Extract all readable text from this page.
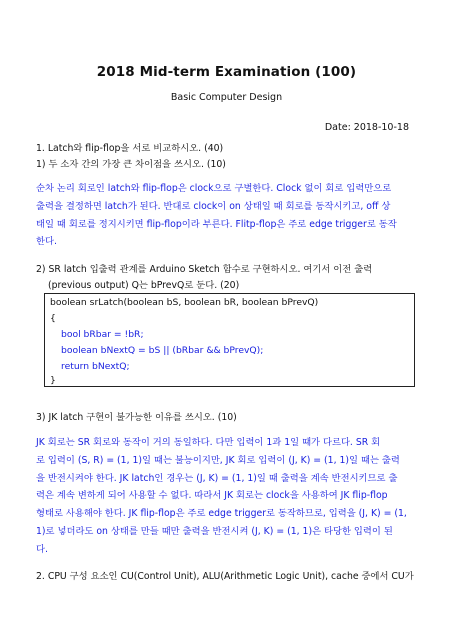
2018 Mid-term Examination (100)
Basic Computer Design
Date: 2018-10-18
1. Latch와 flip-flop을 서로 비교하시오. (40)
1) 두 소자 간의 가장 큰 차이점을 쓰시오. (10)
순차 논리 회로인 latch와 flip-flop은 clock으로 구별한다. Clock 없이 회로 입력만으로
출력을 결정하면 latch가 된다. 반대로 clock이 on 상태일 때 회로를 동작시키고, off 상
태일 때 회로를 정지시키면 flip-flop이라 부른다. Flitp-flop은 주로 edge trigger로 동작
한다.
2) SR latch 입출력 관계를 Arduino Sketch 함수로 구현하시오. 여기서 이전 출력
(previous output) Q는 bPrevQ로 둔다. (20)
boolean srLatch(boolean bS, boolean bR, boolean bPrevQ)
{
bool bRbar = !bR;
boolean bNextQ = bS || (bRbar && bPrevQ);
return bNextQ;
}
3) JK latch 구현이 불가능한 이유를 쓰시오. (10)
JK 회로는 SR 회로와 동작이 거의 동일하다. 다만 입력이 1과 1일 때가 다르다. SR 회
로 입력이 (S, R) = (1, 1)일 때는 불능이지만, JK 회로 입력이 (J, K) = (1, 1)일 때는 출력
을 반전시켜야 한다. JK latch인 경우는 (J, K) = (1, 1)일 때 출력을 계속 반전시키므로 출
력은 계속 변하게 되어 사용할 수 없다. 따라서 JK 회로는 clock을 사용하여 JK flip-flop
형태로 사용해야 한다. JK flip-flop은 주로 edge trigger로 동작하므로, 입력을 (J, K) = (1,
1)로 넣더라도 on 상태를 만들 때만 출력을 반전시켜 (J, K) = (1, 1)은 타당한 입력이 된
다.
2. CPU 구성 요소인 CU(Control Unit), ALU(Arithmetic Logic Unit), cache 중에서 CU가
